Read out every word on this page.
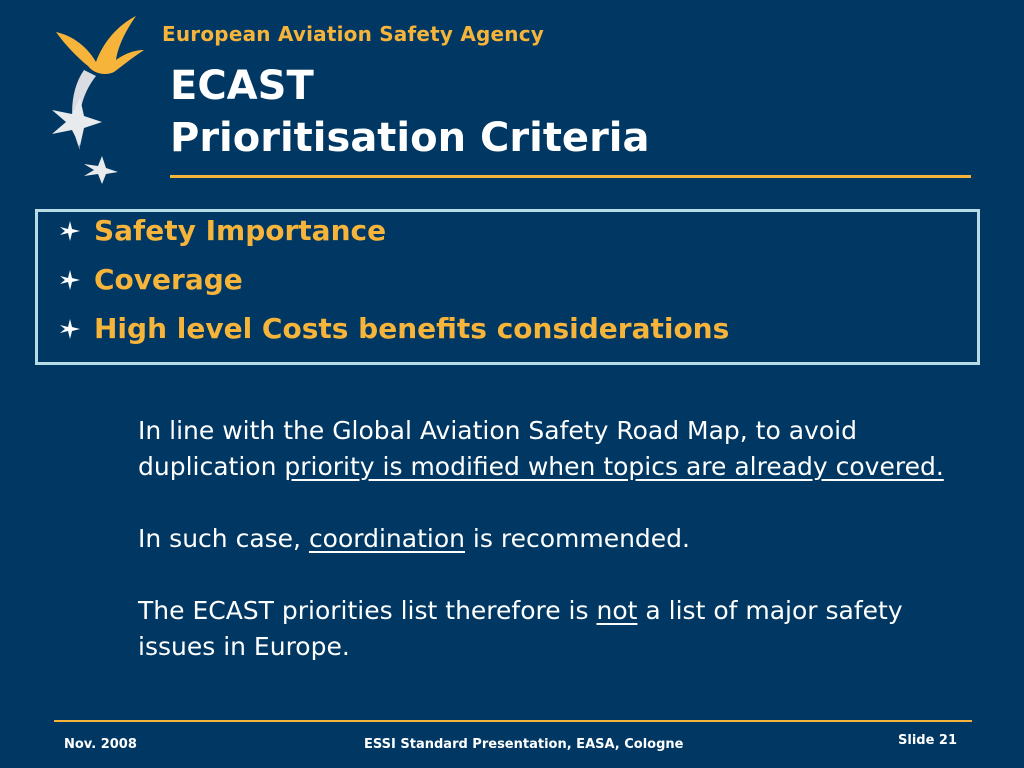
European Aviation Safety Agency
ECAST
Prioritisation Criteria
Safety Importance
Coverage
High level Costs benefits considerations

In line with the Global Aviation Safety Road Map, to avoid duplication priority is modified when topics are already covered.

In such case, coordination is recommended.

The ECAST priorities list therefore is not a list of major safety issues in Europe.

Nov. 2008	ESSI Standard Presentation, EASA, Cologne	Slide 21
